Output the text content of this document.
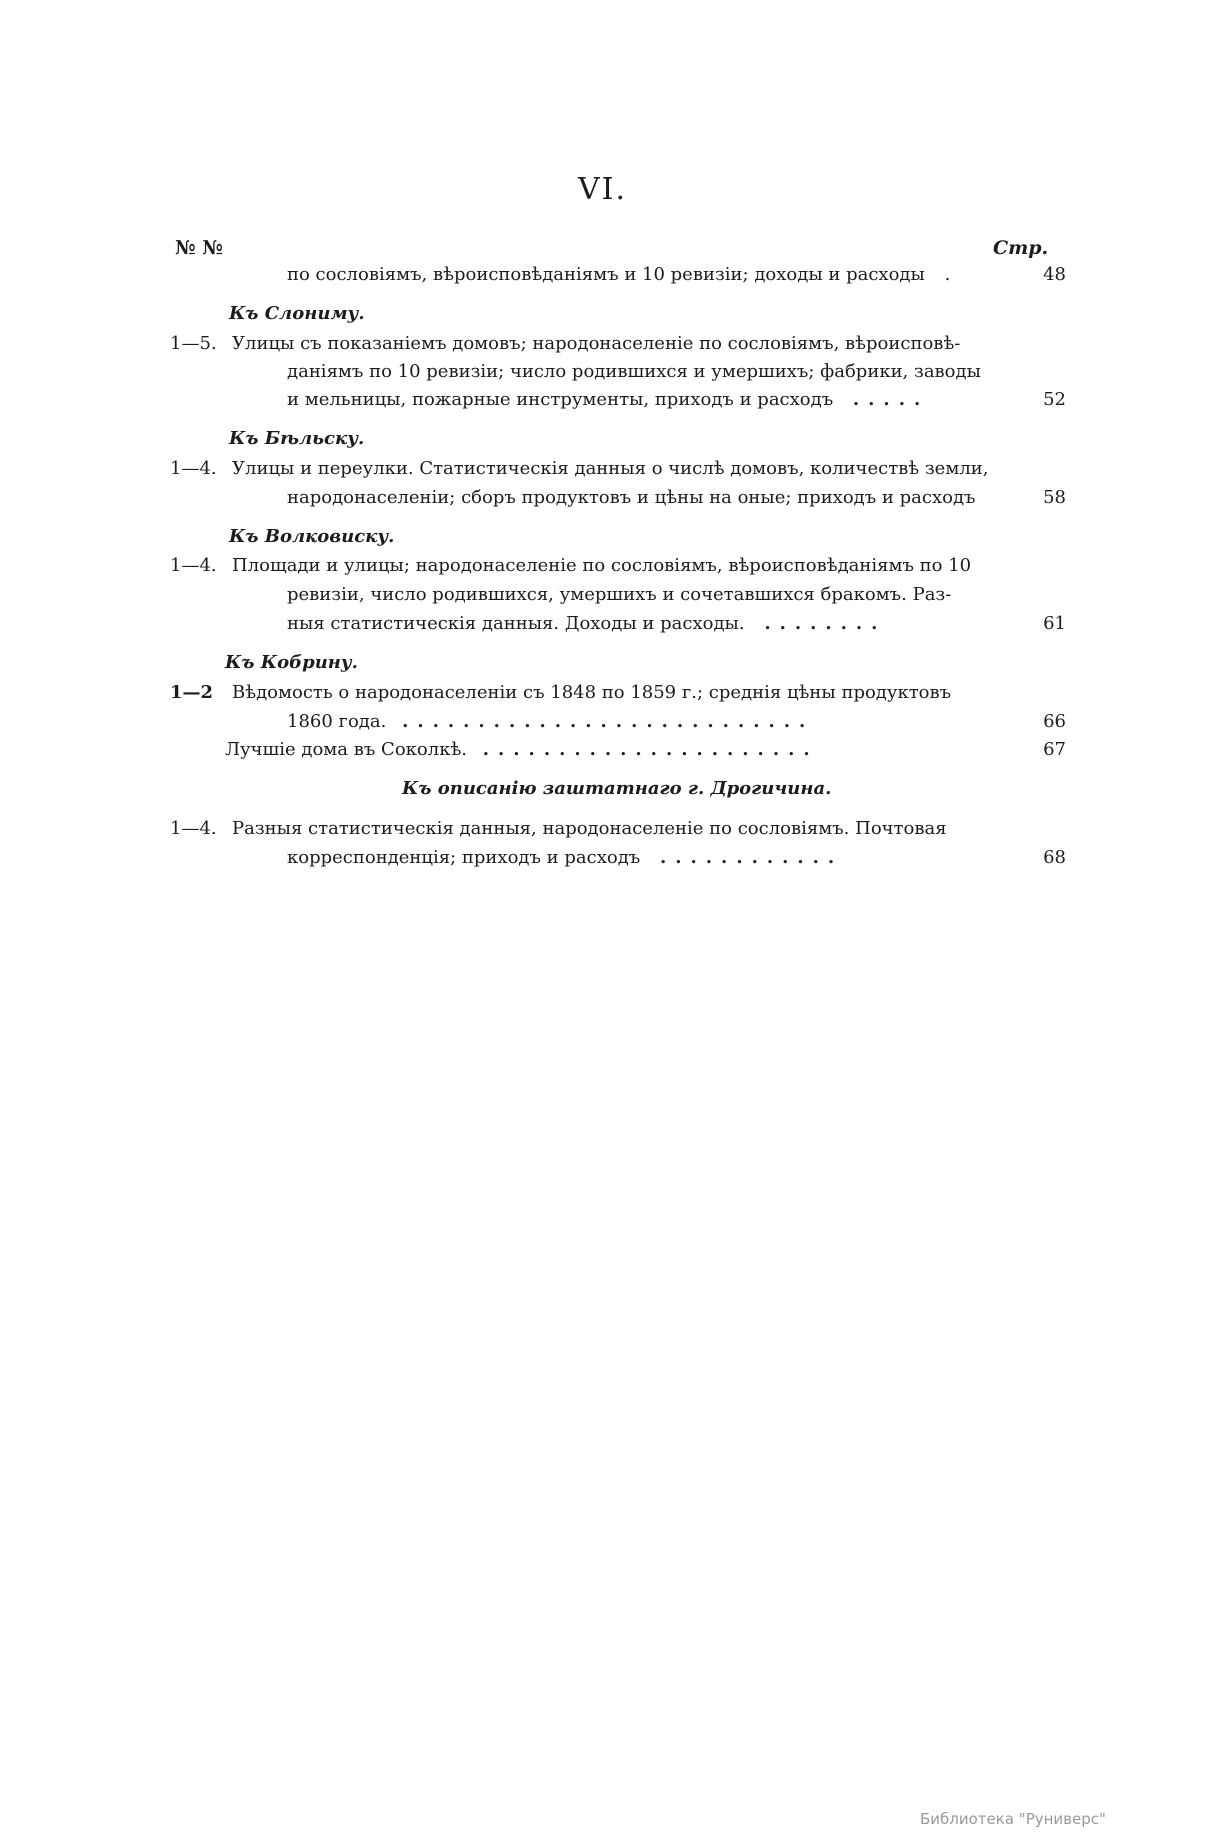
VI.
№ №	Стр.
по сословіямъ, вѣроисповѣданіямъ и 10 ревизіи; доходы и расходы .	48
Къ Слониму.
1—5. Улицы съ показаніемъ домовъ; народонаселеніе по сословіямъ, вѣроисповѣ-
даніямъ по 10 ревизіи; число родившихся и умершихъ; фабрики, заводы
и мельницы, пожарные инструменты, приходъ и расходъ .....	52
Къ Бѣльску.
1—4. Улицы и переулки. Статистическія данныя о числѣ домовъ, количествѣ земли,
народонаселеніи; сборъ продуктовъ и цѣны на оные; приходъ и расходъ	58
Къ Волковиску.
1—4. Площади и улицы; народонаселеніе по сословіямъ, вѣроисповѣданіямъ по 10
ревизіи, число родившихся, умершихъ и сочетавшихся бракомъ. Раз-
ныя статистическія данныя. Доходы и расходы. ........	61
Къ Кобрину.
1—2 Вѣдомость о народонаселеніи съ 1848 по 1859 г.; среднія цѣны продуктовъ
1860 года. ...........................	66
Лучшіе дома въ Соколкѣ. ......................	67
Къ описанію заштатнаго г. Дрогичина.
1—4. Разныя статистическія данныя, народонаселеніе по сословіямъ. Почтовая
корреспонденція; приходъ и расходъ ............	68
Библиотека "Руниверс"
